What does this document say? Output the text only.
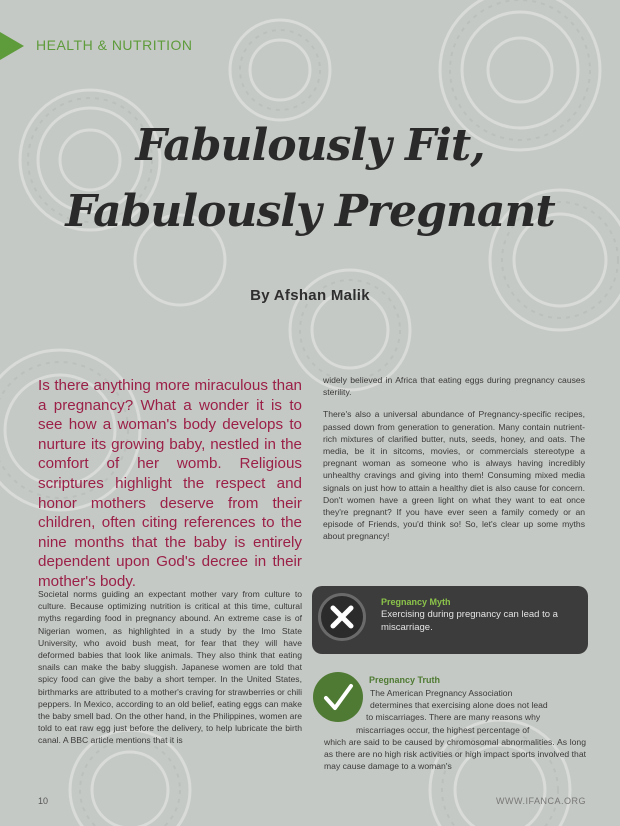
HEALTH & NUTRITION
Fabulously Fit,
Fabulously Pregnant
By Afshan Malik
Is there anything more miraculous than a pregnancy? What a wonder it is to see how a woman's body develops to nurture its growing baby, nestled in the comfort of her womb. Religious scriptures highlight the respect and honor mothers deserve from their children, often citing references to the nine months that the baby is entirely dependent upon God's decree in their mother's body.

Societal norms guiding an expectant mother vary from culture to culture. Because optimizing nutrition is critical at this time, cultural myths regarding food in pregnancy abound. An extreme case is of Nigerian women, as highlighted in a study by the Imo State University, who avoid bush meat, for fear that they will have deformed babies that look like animals. They also think that eating snails can make the baby sluggish. Japanese women are told that spicy food can give the baby a short temper. In the United States, birthmarks are attributed to a mother's craving for strawberries or chili peppers. In Mexico, according to an old belief, eating eggs can make the baby smell bad. On the other hand, in the Philippines, women are told to eat raw egg just before the delivery, to help lubricate the birth canal. A BBC article mentions that it is

widely believed in Africa that eating eggs during pregnancy causes sterility.

There's also a universal abundance of Pregnancy-specific recipes, passed down from generation to generation. Many contain nutrient-rich mixtures of clarified butter, nuts, seeds, honey, and oats. The media, be it in sitcoms, movies, or commercials stereotype a pregnant woman as someone who is always having incredibly unhealthy cravings and giving into them! Consuming mixed media signals on just how to attain a healthy diet is also cause for concern. Don't women have a green light on what they want to eat once they're pregnant? If you have ever seen a family comedy or an episode of Friends, you'd think so! So, let's clear up some myths about pregnancy!

Pregnancy Myth
Exercising during pregnancy can lead to a miscarriage.
Pregnancy Truth
The American Pregnancy Association
determines that exercising alone does not lead
to miscarriages. There are many reasons why
miscarriages occur, the highest percentage of
which are said to be caused by chromosomal abnormalities. As long as there are no high risk activities or high impact sports involved that may cause damage to a woman's
10	WWW.IFANCA.ORG
